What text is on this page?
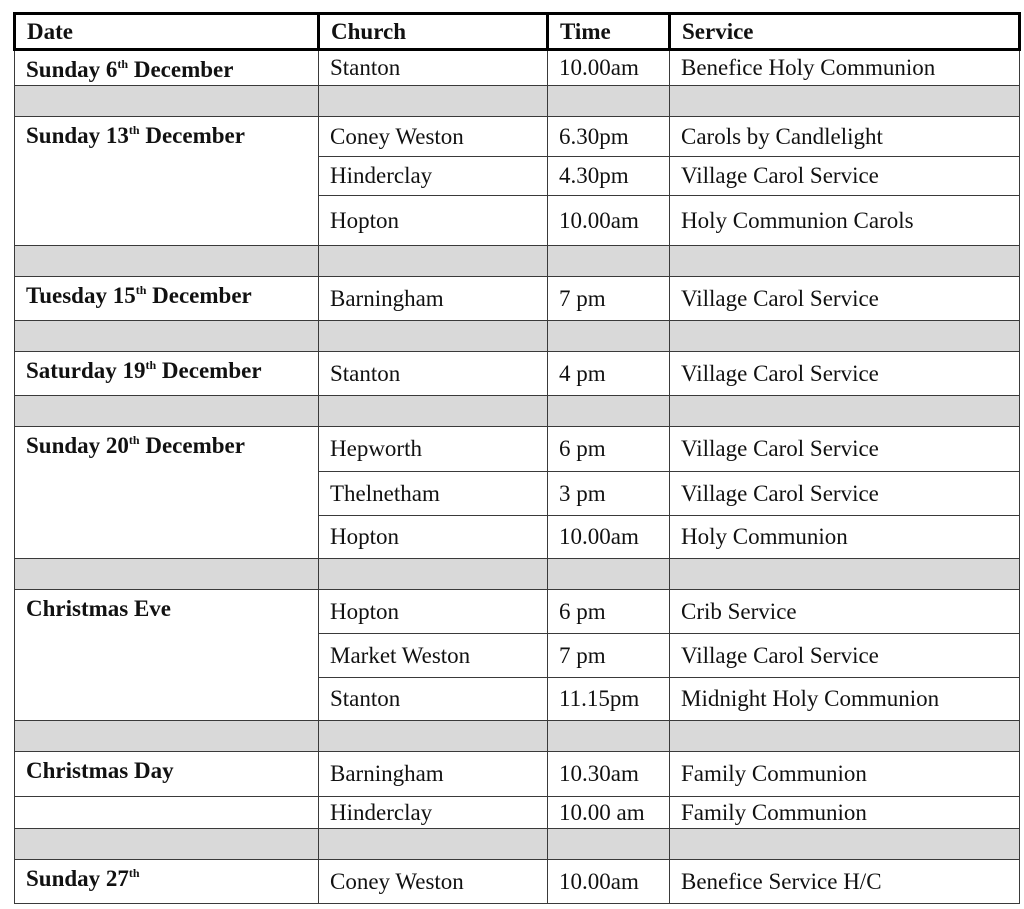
Date	Church	Time	Service
Sunday 6th December	Stanton	10.00am	Benefice Holy Communion

Sunday 13th December	Coney Weston	6.30pm	Carols by Candlelight
	Hinderclay	4.30pm	Village Carol Service
	Hopton	10.00am	Holy Communion Carols

Tuesday 15th December	Barningham	7 pm	Village Carol Service

Saturday 19th December	Stanton	4 pm	Village Carol Service

Sunday 20th December	Hepworth	6 pm	Village Carol Service
	Thelnetham	3 pm	Village Carol Service
	Hopton	10.00am	Holy Communion

Christmas Eve	Hopton	6 pm	Crib Service
	Market Weston	7 pm	Village Carol Service
	Stanton	11.15pm	Midnight Holy Communion

Christmas Day	Barningham	10.30am	Family Communion
	Hinderclay	10.00 am	Family Communion

Sunday 27th	Coney Weston	10.00am	Benefice Service H/C
